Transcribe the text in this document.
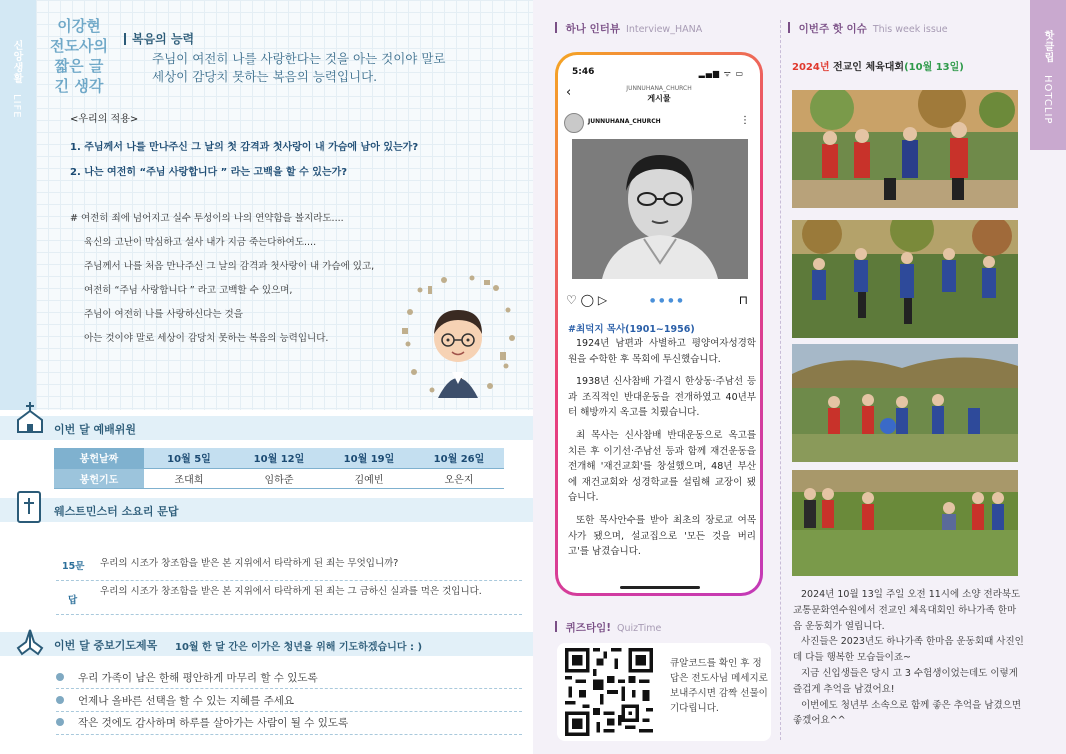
신앙생활 LIFE
이강현
전도사의
짧은 글
긴 생각
복음의 능력
주님이 여전히 나를 사랑한다는 것을 아는 것이야 말로
세상이 감당치 못하는 복음의 능력입니다.
<우리의 적용>
1. 주님께서 나를 만나주신 그 날의 첫 감격과 첫사랑이 내 가슴에 남아 있는가?
2. 나는 여전히 “주님 사랑합니다 ” 라는 고백을 할 수 있는가?
# 여전히 죄에 넘어지고 실수 투성이의 나의 연약함을 볼지라도....
육신의 고난이 막심하고 설사 내가 지금 죽는다하여도....
주님께서 나를 처음 만나주신 그 날의 감격과 첫사랑이 내 가슴에 있고,
여전히 “주님 사랑합니다 ” 라고 고백할 수 있으며,
주님이 여전히 나를 사랑하신다는 것을
아는 것이야 말로 세상이 감당치 못하는 복음의 능력입니다.
이번 달 예배위원
봉헌날짜	10월 5일	10월 12일	10월 19일	10월 26일
봉헌기도	조대희	임하준	김예빈	오은지
웨스트민스터 소요리 문답
15문 우리의 시조가 창조함을 받은 본 지위에서 타락하게 된 죄는 무엇입니까?
답
우리의 시조가 창조함을 받은 본 지위에서 타락하게 된 죄는 그 금하신 실과를 먹은 것입니다.
이번 달 중보기도제목 10월 한 달 간은 이가은 청년을 위해 기도하겠습니다 : )
우리 가족이 남은 한해 평안하게 마무리 할 수 있도록
언제나 올바른 선택을 할 수 있는 지혜를 주세요
작은 것에도 감사하며 하루를 살아가는 사람이 될 수 있도록
하나 인터뷰 Interview_HANA
5:46	▂▄▆ ᯤ ▭
JUNNUHANA_CHURCH
게시물
‹
JUNNUHANA_CHURCH	⋮
♡ ◯ ▷	● ● ● ●	⊓
#최덕지 목사(1901~1956)

1924년 남편과 사별하고 평양여자성경학원을 수학한 후 목회에 투신했습니다.

1938년 신사참배 가결시 한상동·주남선 등과 조직적인 반대운동을 전개하였고 40년부터 해방까지 옥고를 치뤘습니다.

최 목사는 신사참배 반대운동으로 옥고를 치른 후 이기선·주남선 등과 함께 재건운동을 전개해 '재건교회'를 창설했으며, 48년 부산에 재건교회와 성경학교를 설립해 교장이 됐습니다.

또한 목사안수를 받아 최초의 장로교 여목사가 됐으며, 설교집으로 '모든 것을 버리고'를 남겼습니다.

퀴즈타임! QuizTime
큐알코드를 확인 후 정답은 전도사님 메세지로 보내주시면 감짝 선물이 기다립니다.
이번주 핫 이슈 This week issue
2024년 전교인 체육대회(10월 13일)

2024년 10월 13일 주일 오전 11시에 소양 전라북도교통문화연수원에서 전교인 체육대회인 하나가족 한마음 운동회가 열립니다.

사진들은 2023년도 하나가족 한마음 운동회때 사진인데 다들 행복한 모습들이죠~

지금 신입생들은 당시 고 3 수험생이었는데도 이렇게 즐겁게 추억을 남겼어요!

이번에도 청년부 소속으로 함께 좋은 추억을 남겼으면 좋겠어요^^

핫클립 HOTCLIP
